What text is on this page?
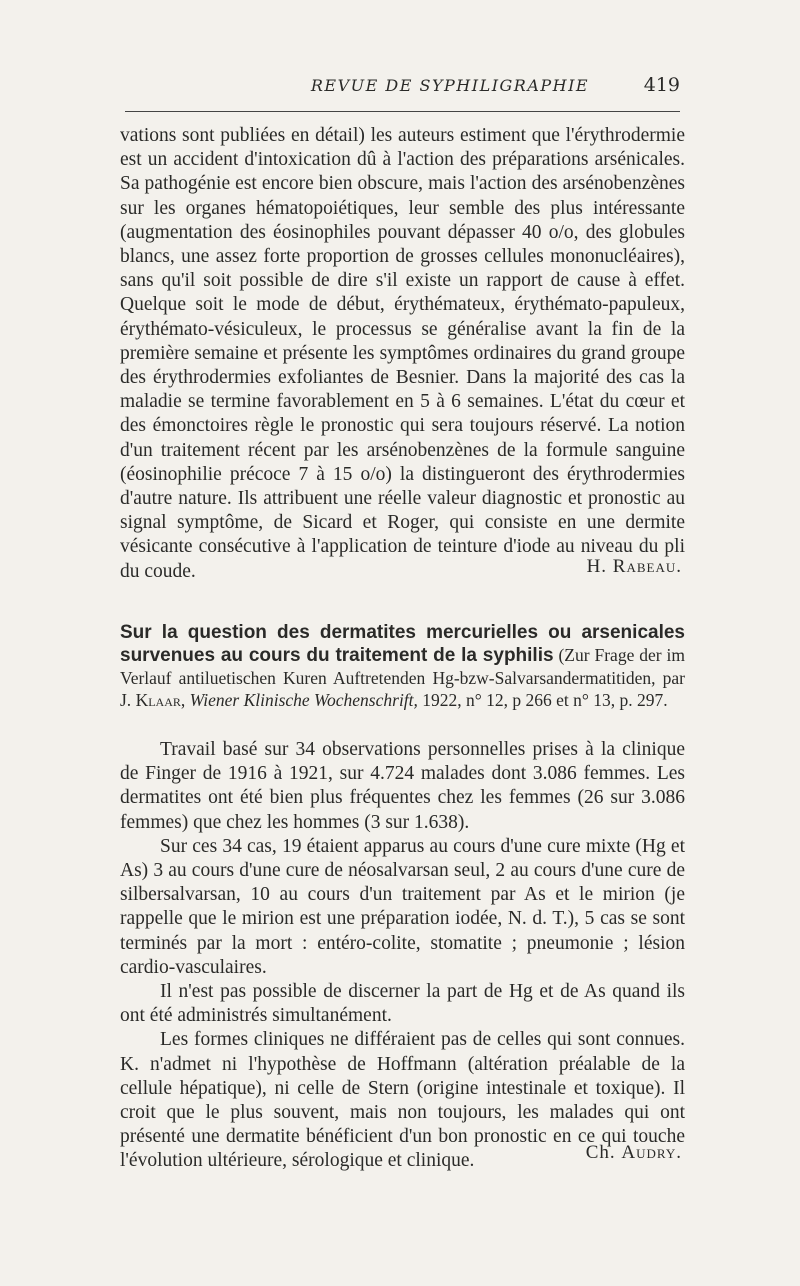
REVUE DE SYPHILIGRAPHIE	419

vations sont publiées en détail) les auteurs estiment que l'érythrodermie est un accident d'intoxication dû à l'action des préparations arsénicales. Sa pathogénie est encore bien obscure, mais l'action des arsénobenzènes sur les organes hématopoiétiques, leur semble des plus intéressante (augmentation des éosinophiles pouvant dépasser 40 o/o, des globules blancs, une assez forte proportion de grosses cellules mononucléaires), sans qu'il soit possible de dire s'il existe un rapport de cause à effet. Quelque soit le mode de début, érythémateux, érythémato-papuleux, érythémato-vésiculeux, le processus se généralise avant la fin de la première semaine et présente les symptômes ordinaires du grand groupe des érythrodermies exfoliantes de Besnier. Dans la majorité des cas la maladie se termine favorablement en 5 à 6 semaines. L'état du cœur et des émonctoires règle le pronostic qui sera toujours réservé. La notion d'un traitement récent par les arsénobenzènes de la formule sanguine (éosinophilie précoce 7 à 15 o/o) la distingueront des érythrodermies d'autre nature. Ils attribuent une réelle valeur diagnostic et pronostic au signal symptôme, de Sicard et Roger, qui consiste en une dermite vésicante consécutive à l'application de teinture d'iode au niveau du pli du coude.	H. Rabeau.
Sur la question des dermatites mercurielles ou arsenicales survenues au cours du traitement de la syphilis (Zur Frage der im Verlauf antiluetischen Kuren Auftretenden Hg-bzw-Salvarsandermatitiden, par J. Klaar, Wiener Klinische Wochenschrift, 1922, n° 12, p 266 et n° 13, p. 297.

Travail basé sur 34 observations personnelles prises à la clinique de Finger de 1916 à 1921, sur 4.724 malades dont 3.086 femmes. Les dermatites ont été bien plus fréquentes chez les femmes (26 sur 3.086 femmes) que chez les hommes (3 sur 1.638).

Sur ces 34 cas, 19 étaient apparus au cours d'une cure mixte (Hg et As) 3 au cours d'une cure de néosalvarsan seul, 2 au cours d'une cure de silbersalvarsan, 10 au cours d'un traitement par As et le mirion (je rappelle que le mirion est une préparation iodée, N. d. T.), 5 cas se sont terminés par la mort : entéro-colite, stomatite ; pneumonie ; lésion cardio-vasculaires.

Il n'est pas possible de discerner la part de Hg et de As quand ils ont été administrés simultanément.

Les formes cliniques ne différaient pas de celles qui sont connues. K. n'admet ni l'hypothèse de Hoffmann (altération préalable de la cellule hépatique), ni celle de Stern (origine intestinale et toxique). Il croit que le plus souvent, mais non toujours, les malades qui ont présenté une dermatite bénéficient d'un bon pronostic en ce qui touche l'évolution ultérieure, sérologique et clinique.	Ch. Audry.
